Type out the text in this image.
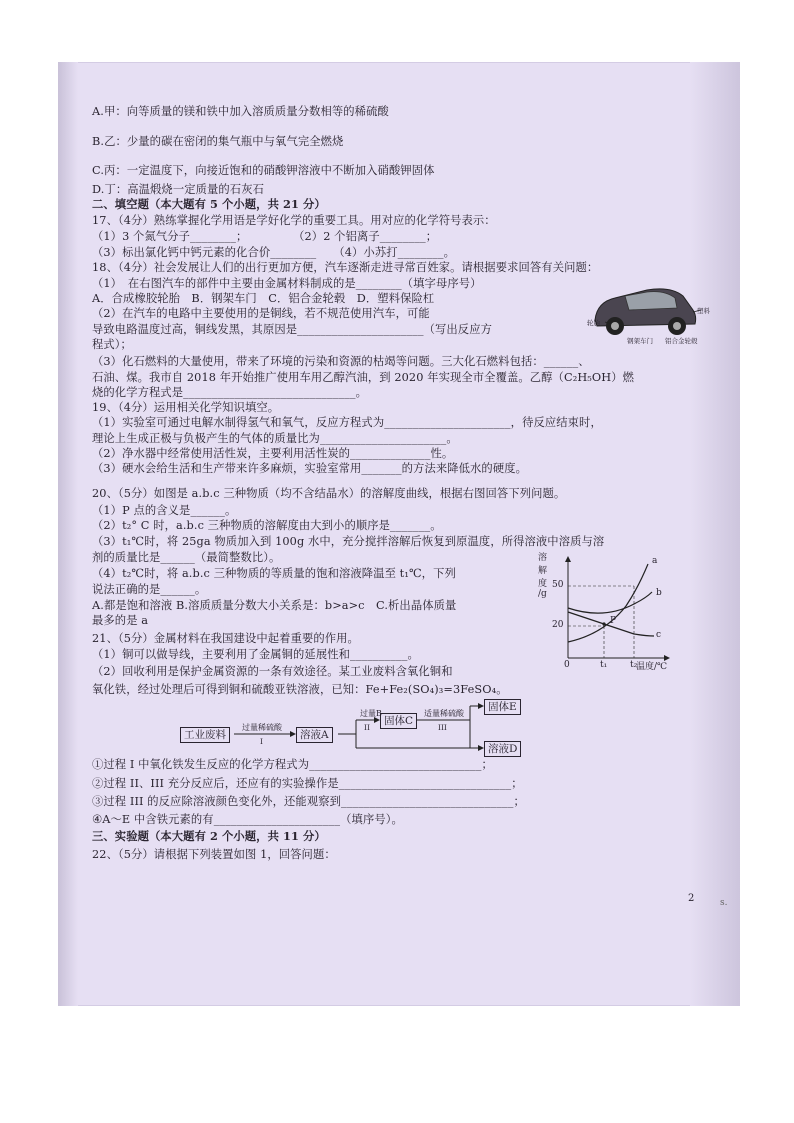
A.甲：向等质量的镁和铁中加入溶质质量分数相等的稀硫酸
B.乙：少量的碳在密闭的集气瓶中与氧气完全燃烧
C.丙：一定温度下，向接近饱和的硝酸钾溶液中不断加入硝酸钾固体
D.丁：高温煅烧一定质量的石灰石
二、填空题（本大题有 5 个小题，共 21 分）
17、（4分）熟练掌握化学用语是学好化学的重要工具。用对应的化学符号表示：
（1）3 个氮气分子________；　　　　　（2）2 个铝离子________；
（3）标出氯化钙中钙元素的化合价________　　（4）小苏打________。
18、（4分）社会发展让人们的出行更加方便，汽车逐渐走进寻常百姓家。请根据要求回答有关问题：
（1）　在右图汽车的部件中主要由金属材料制成的是________（填字母序号）
A．合成橡胶轮胎　B．钢架车门　C．铝合金轮毂　D．塑料保险杠
（2）在汽车的电路中主要使用的是铜线，若不规范使用汽车，可能
导致电路温度过高，铜线发黑，其原因是______________________（写出反应方
程式）；
（3）化石燃料的大量使用，带来了环境的污染和资源的枯竭等问题。三大化石燃料包括：______、
石油、煤。我市自 2018 年开始推广使用车用乙醇汽油，到 2020 年实现全市全覆盖。乙醇（C₂H₅OH）燃
烧的化学方程式是______________________________。
19、（4分）运用相关化学知识填空。
（1）实验室可通过电解水制得氢气和氧气，反应方程式为______________________，待反应结束时，
理论上生成正极与负极产生的气体的质量比为______________________。
（2）净水器中经常使用活性炭，主要利用活性炭的______________性。
（3）硬水会给生活和生产带来许多麻烦，实验室常用_______的方法来降低水的硬度。
20、（5分）如图是 a.b.c 三种物质（均不含结晶水）的溶解度曲线，根据右图回答下列问题。
（1）P 点的含义是______。
（2）t₂° C 时，a.b.c 三种物质的溶解度由大到小的顺序是_______。
（3）t₁℃时，将 25ga 物质加入到 100g 水中，充分搅拌溶解后恢复到原温度，所得溶液中溶质与溶
剂的质量比是______（最简整数比）。
（4）t₂℃时，将 a.b.c 三种物质的等质量的饱和溶液降温至 t₁℃，下列
说法正确的是______。
A.都是饱和溶液 B.溶质质量分数大小关系是：b>a>c　C.析出晶体质量
最多的是 a
21、（5分）金属材料在我国建设中起着重要的作用。
（1）铜可以做导线，主要利用了金属铜的延展性和__________。
（2）回收利用是保护金属资源的一条有效途径。某工业废料含氧化铜和
氧化铁，经过处理后可得到铜和硫酸亚铁溶液，已知：Fe+Fe₂(SO₄)₃=3FeSO₄。
①过程 I 中氧化铁发生反应的化学方程式为______________________________；
②过程 II、III 充分反应后，还应有的实验操作是______________________________；
③过程 III 的反应除溶液颜色变化外，还能观察到______________________________；
④A～E 中含铁元素的有______________________（填序号）。
三、实验题（本大题有 2 个小题，共 11 分）
22、（5分）请根据下列装置如图 1，回答问题：
塑料
轮胎
钢架车门 铝合金轮毂
溶
解
度
/g
50
20
0	t₁	t₂
温度/℃
a
b
c
P
工业废料	溶液A
固体C
固体E
溶液D
过量稀硫酸
I
过量B
II
适量稀硫酸
III
2	s.
